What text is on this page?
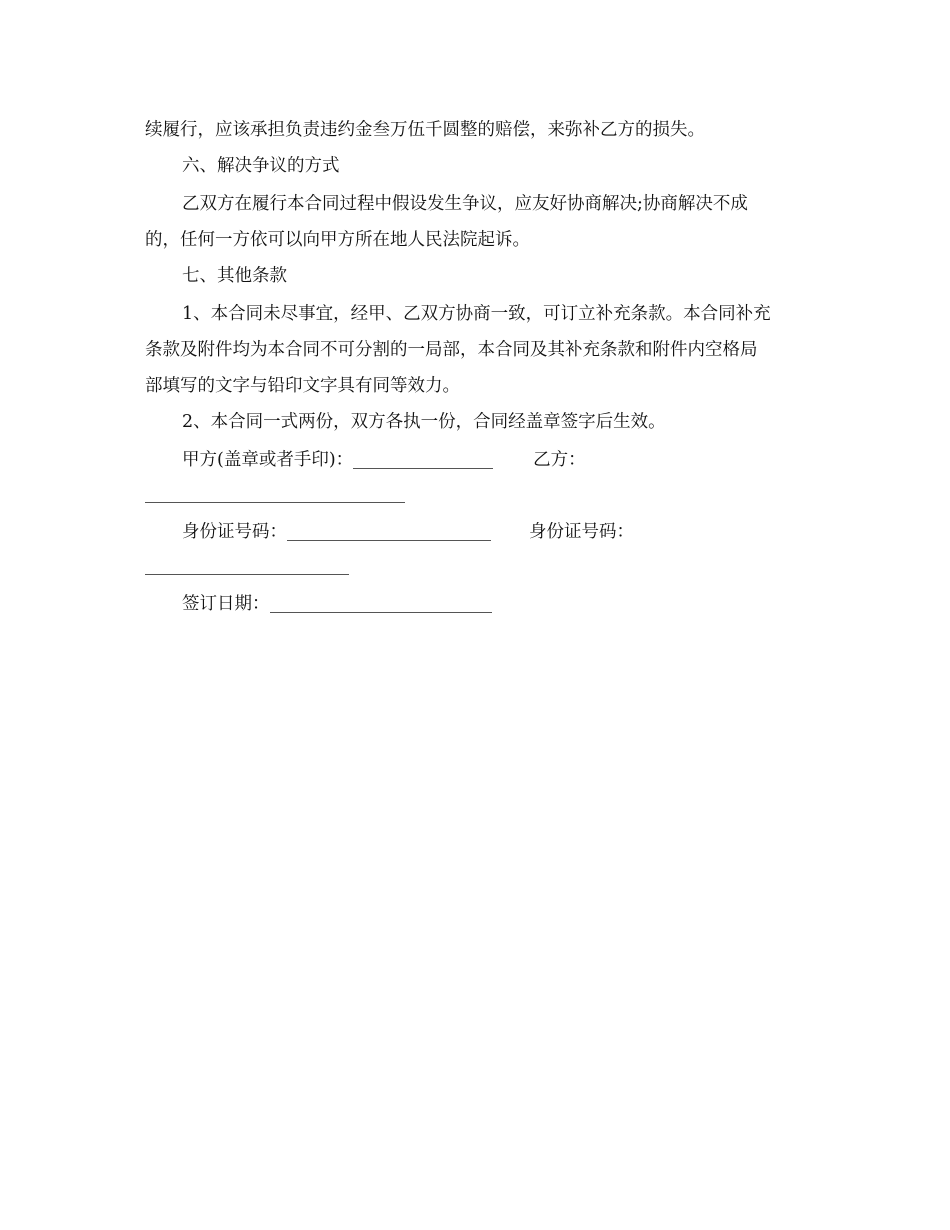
续履行，应该承担负责违约金叁万伍千圆整的赔偿，来弥补乙方的损失。
六、解决争议的方式
乙双方在履行本合同过程中假设发生争议，应友好协商解决;协商解决不成
的，任何一方依可以向甲方所在地人民法院起诉。
七、其他条款
1、本合同未尽事宜，经甲、乙双方协商一致，可订立补充条款。本合同补充
条款及附件均为本合同不可分割的一局部，本合同及其补充条款和附件内空格局
部填写的文字与铅印文字具有同等效力。
2、本合同一式两份，双方各执一份，合同经盖章签字后生效。
甲方(盖章或者手印)：	乙方：
身份证号码：	身份证号码：
签订日期：
